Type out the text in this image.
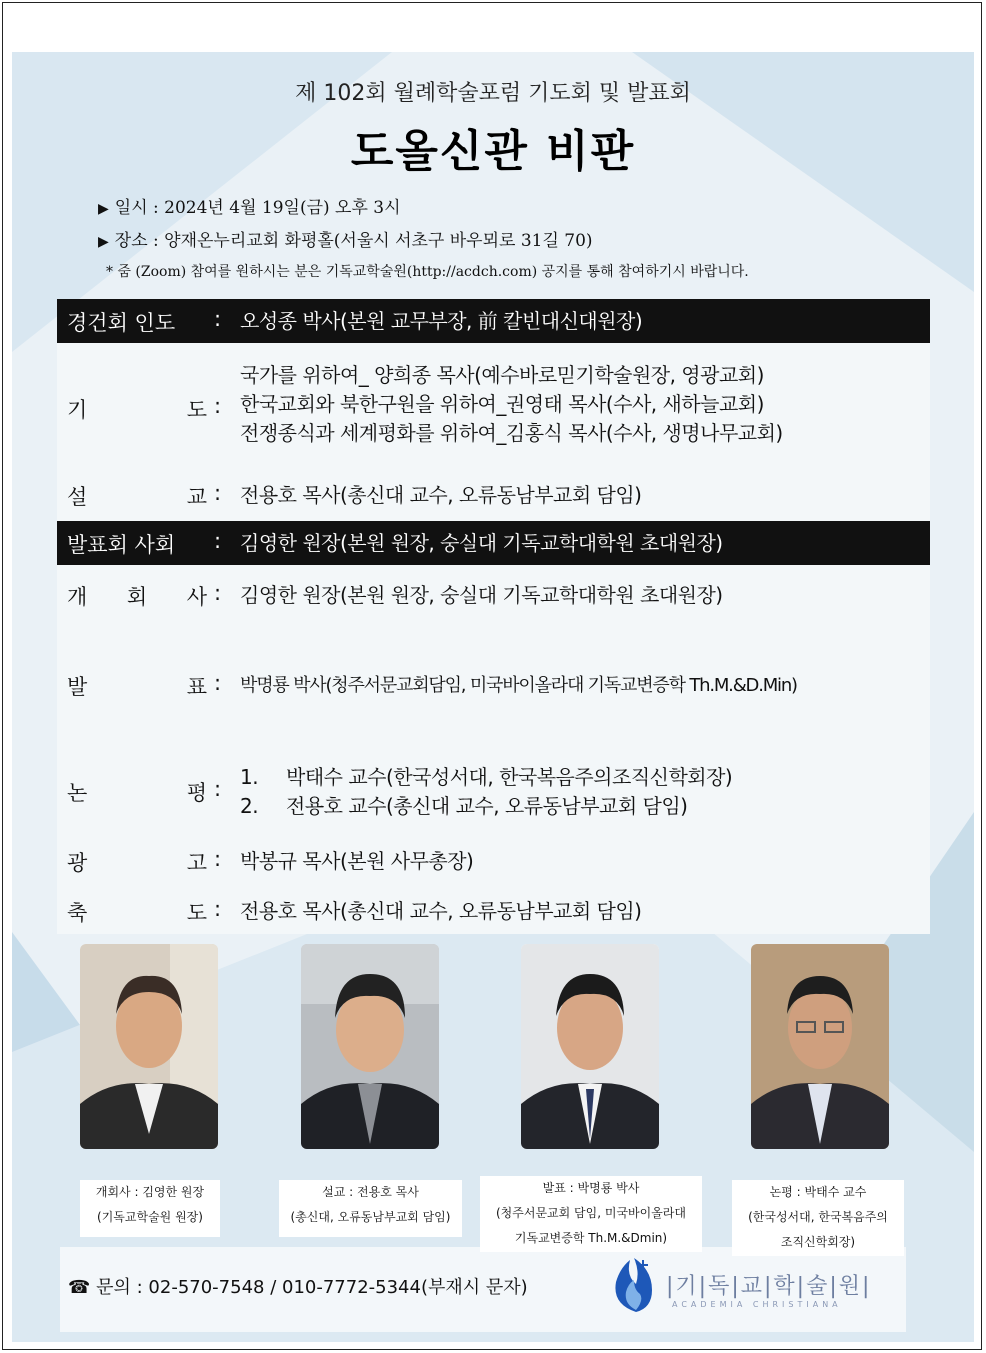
제 102회 월례학술포럼 기도회 및 발표회
도올신관 비판
▶ 일시 : 2024년 4월 19일(금) 오후 3시
▶ 장소 : 양재온누리교회 화평홀(서울시 서초구 바우뫼로 31길 70)
* 줌 (Zoom) 참여를 원하시는 분은 기독교학술원(http://acdch.com) 공지를 통해 참여하기시 바랍니다.
경건회 인도	: 오성종 박사(본원 교무부장, 前 칼빈대신대원장)
기	도 :
국가를 위하여_ 양희종 목사(예수바로믿기학술원장, 영광교회)
한국교회와 북한구원을 위하여_권영태 목사(수사, 새하늘교회)
전쟁종식과 세계평화를 위하여_김홍식 목사(수사, 생명나무교회)
설	교 : 전용호 목사(총신대 교수, 오류동남부교회 담임)
발표회 사회	: 김영한 원장(본원 원장, 숭실대 기독교학대학원 초대원장)
개 회 사 : 김영한 원장(본원 원장, 숭실대 기독교학대학원 초대원장)
발	표 : 박명룡 박사(청주서문교회담임, 미국바이올라대 기독교변증학 Th.M.&D.Min)
논	평 : 1. 박태수 교수(한국성서대, 한국복음주의조직신학회장)
2. 전용호 교수(총신대 교수, 오류동남부교회 담임)
광	고 : 박봉규 목사(본원 사무총장)
축	도 : 전용호 목사(총신대 교수, 오류동남부교회 담임)
개회사 : 김영한 원장
(기독교학술원 원장)
설교 : 전용호 목사
(총신대, 오류동남부교회 담임)
발표 : 박명룡 박사
(청주서문교회 담임, 미국바이올라대
기독교변증학 Th.M.&Dmin)
논평 : 박태수 교수
(한국성서대, 한국복음주의
조직신학회장)
☎ 문의 : 02-570-7548 / 010-7772-5344(부재시 문자)	|기|독|교|학|술|원|
ACADEMIA CHRISTIANA
